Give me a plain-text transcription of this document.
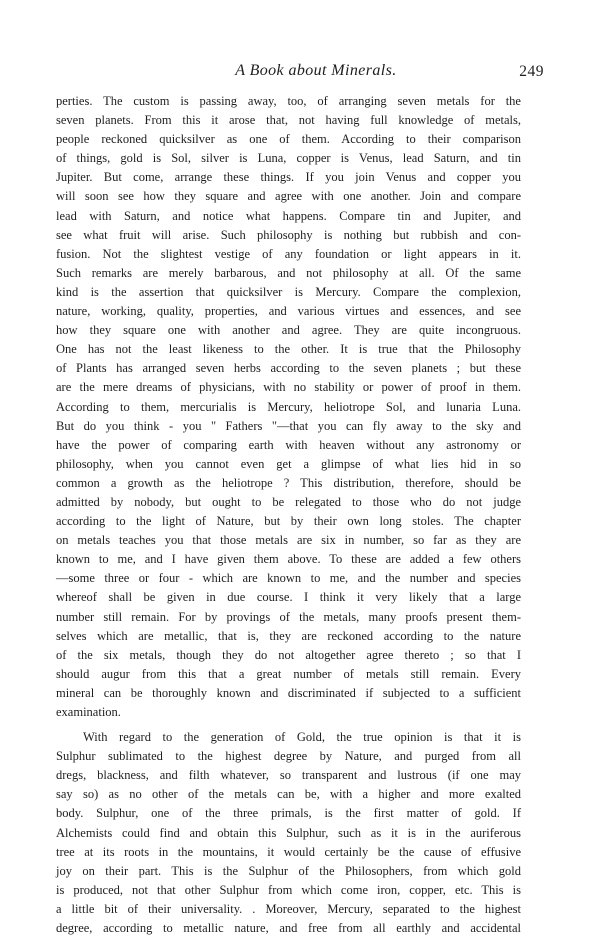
A Book about Minerals.	249
perties. The custom is passing away, too, of arranging seven metals for the
seven planets. From this it arose that, not having full knowledge of metals,
people reckoned quicksilver as one of them. According to their comparison
of things, gold is Sol, silver is Luna, copper is Venus, lead Saturn, and tin
Jupiter. But come, arrange these things. If you join Venus and copper you
will soon see how they square and agree with one another. Join and compare
lead with Saturn, and notice what happens. Compare tin and Jupiter, and
see what fruit will arise. Such philosophy is nothing but rubbish and con-
fusion. Not the slightest vestige of any foundation or light appears in it.
Such remarks are merely barbarous, and not philosophy at all. Of the same
kind is the assertion that quicksilver is Mercury. Compare the complexion,
nature, working, quality, properties, and various virtues and essences, and see
how they square one with another and agree. They are quite incongruous.
One has not the least likeness to the other. It is true that the Philosophy
of Plants has arranged seven herbs according to the seven planets ; but these
are the mere dreams of physicians, with no stability or power of proof in them.
According to them, mercurialis is Mercury, heliotrope Sol, and lunaria Luna.
But do you think - you " Fathers "—that you can fly away to the sky and
have the power of comparing earth with heaven without any astronomy or
philosophy, when you cannot even get a glimpse of what lies hid in so
common a growth as the heliotrope ? This distribution, therefore, should be
admitted by nobody, but ought to be relegated to those who do not judge
according to the light of Nature, but by their own long stoles. The chapter
on metals teaches you that those metals are six in number, so far as they are
known to me, and I have given them above. To these are added a few others
—some three or four - which are known to me, and the number and species
whereof shall be given in due course. I think it very likely that a large
number still remain. For by provings of the metals, many proofs present them-
selves which are metallic, that is, they are reckoned according to the nature
of the six metals, though they do not altogether agree thereto ; so that I
should augur from this that a great number of metals still remain. Every
mineral can be thoroughly known and discriminated if subjected to a sufficient
examination.
With regard to the generation of Gold, the true opinion is that it is
Sulphur sublimated to the highest degree by Nature, and purged from all
dregs, blackness, and filth whatever, so transparent and lustrous (if one may
say so) as no other of the metals can be, with a higher and more exalted
body. Sulphur, one of the three primals, is the first matter of gold. If
Alchemists could find and obtain this Sulphur, such as it is in the auriferous
tree at its roots in the mountains, it would certainly be the cause of effusive
joy on their part. This is the Sulphur of the Philosophers, from which gold
is produced, not that other Sulphur from which come iron, copper, etc. This is
a little bit of their universality. . Moreover, Mercury, separated to the highest
degree, according to metallic nature, and free from all earthly and accidental
